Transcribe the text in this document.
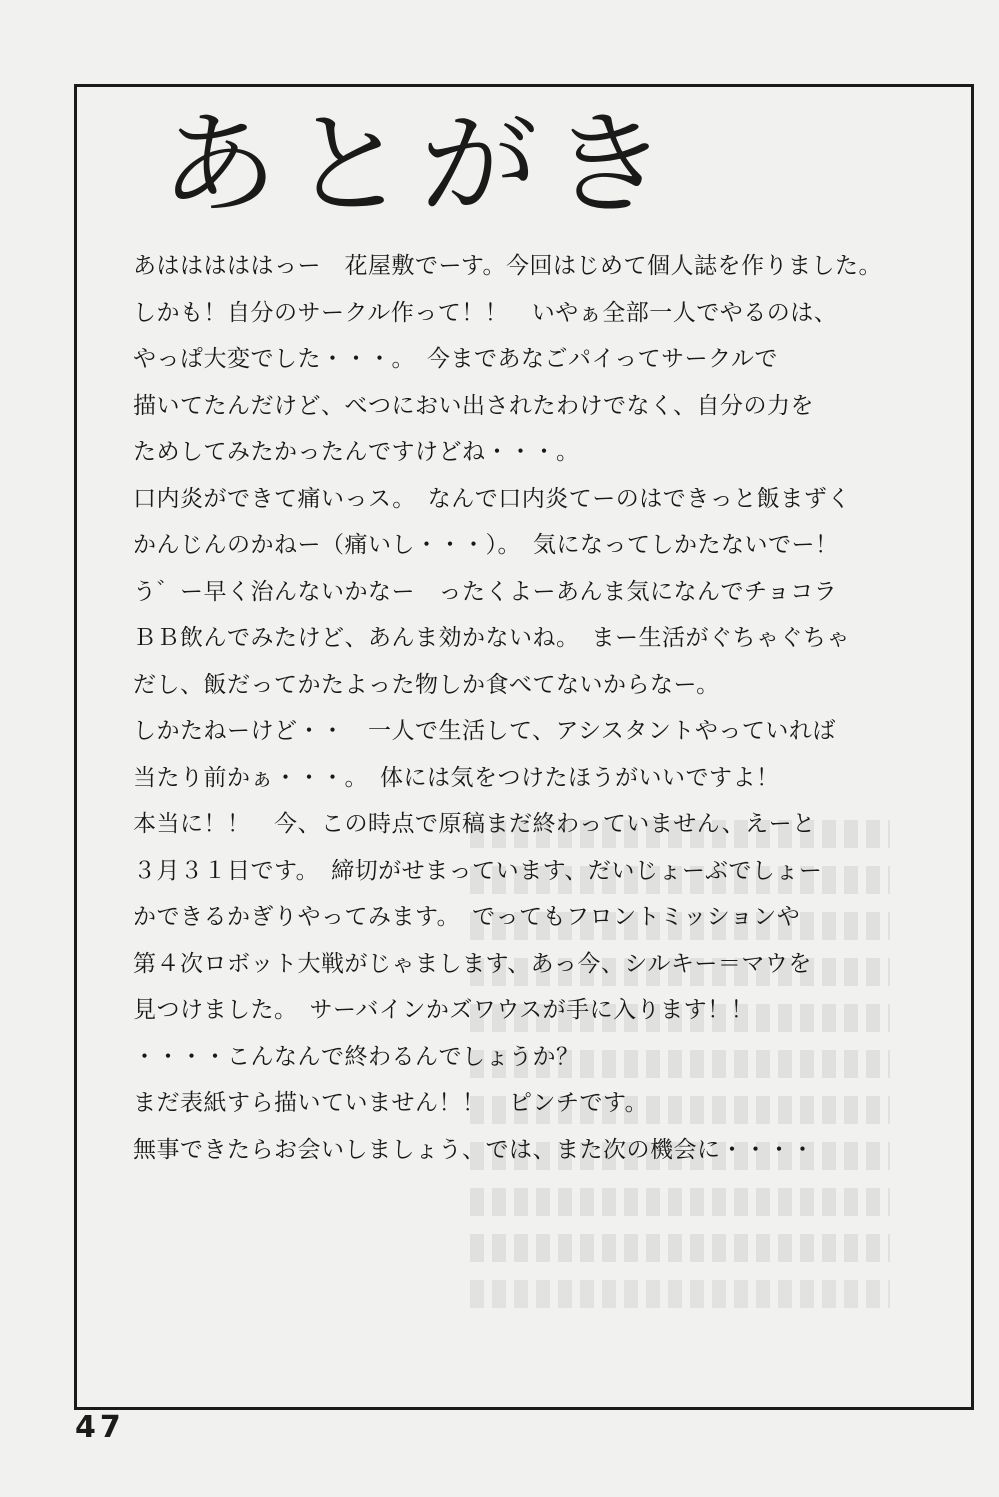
あとがき
あはははははっー　花屋敷でーす。今回はじめて個人誌を作りました。
しかも！自分のサークル作って！！　いやぁ全部一人でやるのは、
やっぱ大変でした・・・。　今まであなごパイってサークルで
描いてたんだけど、べつにおい出されたわけでなく、自分の力を
ためしてみたかったんですけどね・・・。
口内炎ができて痛いっス。　なんで口内炎てーのはできっと飯まずく
かんじんのかねー（痛いし・・・）。　気になってしかたないでー！
う゛ー早く治んないかなー　ったくよーあんま気になんでチョコラ
ＢＢ飲んでみたけど、あんま効かないね。　まー生活がぐちゃぐちゃ
だし、飯だってかたよった物しか食べてないからなー。
しかたねーけど・・　一人で生活して、アシスタントやっていれば
当たり前かぁ・・・。　体には気をつけたほうがいいですよ！
本当に！！　今、この時点で原稿まだ終わっていません、えーと
３月３１日です。　締切がせまっています、だいじょーぶでしょー
かできるかぎりやってみます。　でってもフロントミッションや
第４次ロボット大戦がじゃまします、あっ今、シルキー＝マウを
見つけました。　サーバインかズワウスが手に入ります！！
・・・・こんなんで終わるんでしょうか？
まだ表紙すら描いていません！！　ピンチです。
無事できたらお会いしましょう、では、また次の機会に・・・・
47
